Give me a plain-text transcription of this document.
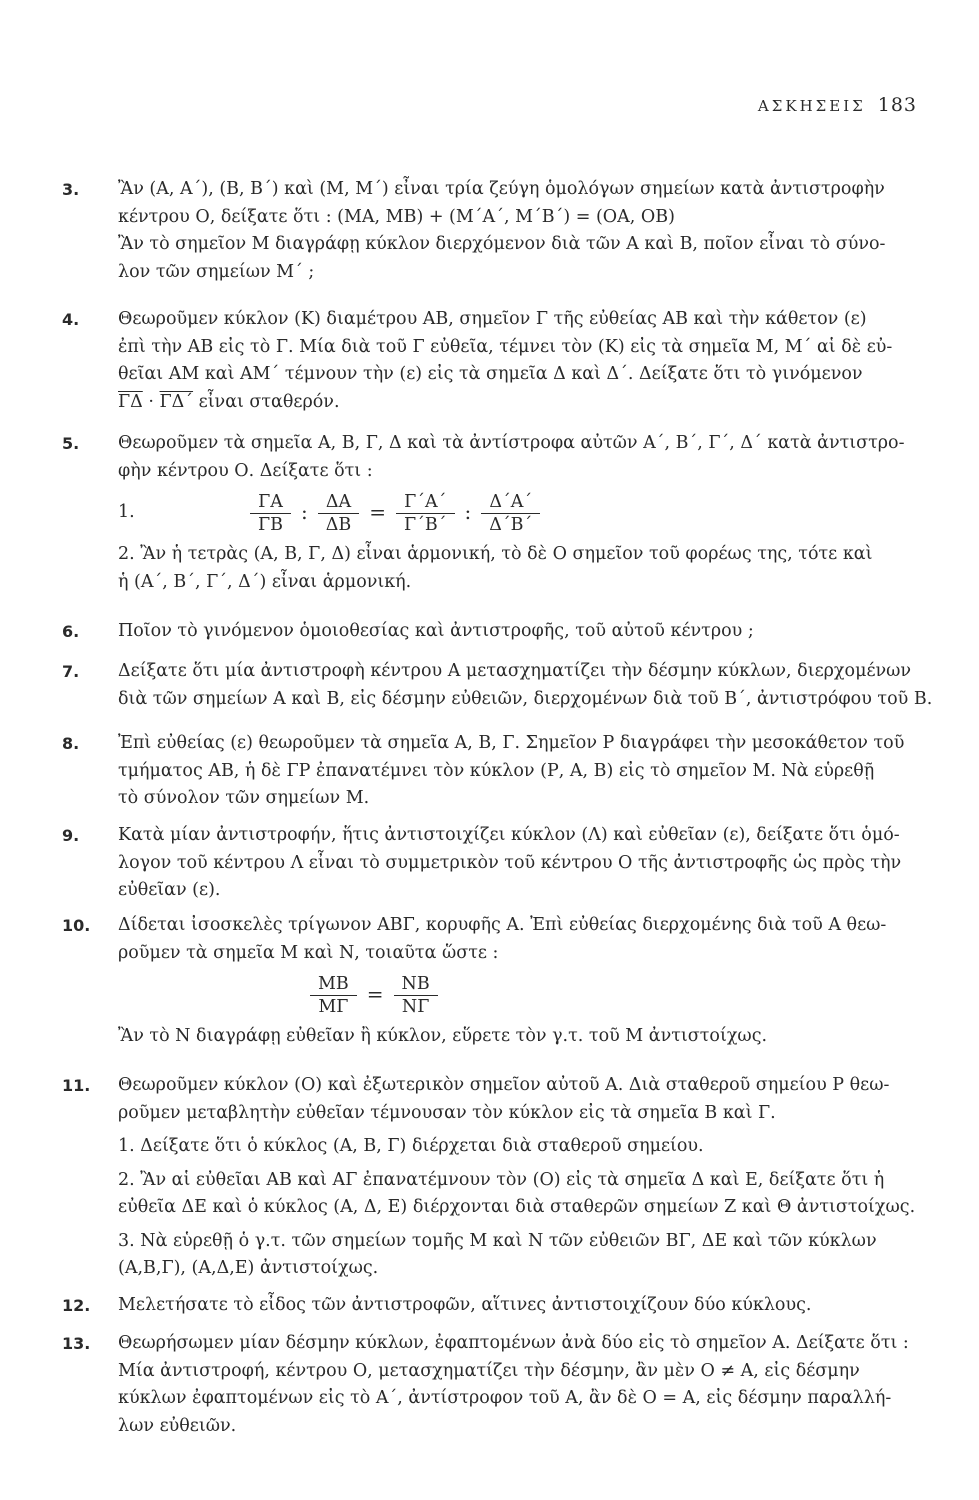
ΑΣΚΗΣΕΙΣ 183
3. Ἂν (Α, Α΄), (Β, Β΄) καὶ (Μ, Μ΄) εἶναι τρία ζεύγη ὁμολόγων σημείων κατὰ ἀντιστροφὴν
κέντρου Ο, δείξατε ὅτι : (ΜΑ, ΜΒ) + (Μ΄Α΄, Μ΄Β΄) = (ΟΑ, ΟΒ)
Ἂν τὸ σημεῖον Μ διαγράφῃ κύκλον διερχόμενον διὰ τῶν Α καὶ Β, ποῖον εἶναι τὸ σύνο-
λον τῶν σημείων Μ΄ ;
4. Θεωροῦμεν κύκλον (Κ) διαμέτρου ΑΒ, σημεῖον Γ τῆς εὐθείας ΑΒ καὶ τὴν κάθετον (ε)
ἐπὶ τὴν ΑΒ εἰς τὸ Γ. Μία διὰ τοῦ Γ εὐθεῖα, τέμνει τὸν (Κ) εἰς τὰ σημεῖα Μ, Μ΄ αἱ δὲ εὐ-
θεῖαι ΑΜ καὶ ΑΜ΄ τέμνουν τὴν (ε) εἰς τὰ σημεῖα Δ καὶ Δ΄. Δείξατε ὅτι τὸ γινόμενον
$\overline{\Gamma\Delta} \cdot \overline{\Gamma\Delta΄}$ εἶναι σταθερόν.
5. Θεωροῦμεν τὰ σημεῖα Α, Β, Γ, Δ καὶ τὰ ἀντίστροφα αὐτῶν Α΄, Β΄, Γ΄, Δ΄ κατὰ ἀντιστρο-
φὴν κέντρου Ο. Δείξατε ὅτι :
1.	$\frac{\Gamma A}{\Gamma B}$ : $\frac{\Delta A}{\Delta B} = \frac{\Gamma΄A΄}{\Gamma΄B΄}$ : $\frac{\Delta΄A΄}{\Delta΄B΄}$
2. Ἂν ἡ τετρὰς (Α, Β, Γ, Δ) εἶναι ἁρμονική, τὸ δὲ Ο σημεῖον τοῦ φορέως της, τότε καὶ
ἡ (Α΄, Β΄, Γ΄, Δ΄) εἶναι ἁρμονική.
6. Ποῖον τὸ γινόμενον ὁμοιοθεσίας καὶ ἀντιστροφῆς, τοῦ αὐτοῦ κέντρου ;
7. Δείξατε ὅτι μία ἀντιστροφὴ κέντρου Α μετασχηματίζει τὴν δέσμην κύκλων, διερχομένων
διὰ τῶν σημείων Α καὶ Β, εἰς δέσμην εὐθειῶν, διερχομένων διὰ τοῦ Β΄, ἀντιστρόφου τοῦ Β.
8. Ἐπὶ εὐθείας (ε) θεωροῦμεν τὰ σημεῖα Α, Β, Γ. Σημεῖον Ρ διαγράφει τὴν μεσοκάθετον τοῦ
τμήματος ΑΒ, ἡ δὲ ΓΡ ἐπανατέμνει τὸν κύκλον (Ρ, Α, Β) εἰς τὸ σημεῖον Μ. Νὰ εὑρεθῇ
τὸ σύνολον τῶν σημείων Μ.
9. Κατὰ μίαν ἀντιστροφήν, ἥτις ἀντιστοιχίζει κύκλον (Λ) καὶ εὐθεῖαν (ε), δείξατε ὅτι ὁμό-
λογον τοῦ κέντρου Λ εἶναι τὸ συμμετρικὸν τοῦ κέντρου Ο τῆς ἀντιστροφῆς ὡς πρὸς τὴν
εὐθεῖαν (ε).
10. Δίδεται ἰσοσκελὲς τρίγωνον ΑΒΓ, κορυφῆς Α. Ἐπὶ εὐθείας διερχομένης διὰ τοῦ Α θεω-
ροῦμεν τὰ σημεῖα Μ καὶ Ν, τοιαῦτα ὥστε :
$\frac{MB}{M\Gamma} = \frac{NB}{N\Gamma}$
Ἂν τὸ Ν διαγράφῃ εὐθεῖαν ἢ κύκλον, εὕρετε τὸν γ.τ. τοῦ Μ ἀντιστοίχως.
11. Θεωροῦμεν κύκλον (Ο) καὶ ἐξωτερικὸν σημεῖον αὐτοῦ Α. Διὰ σταθεροῦ σημείου Ρ θεω-
ροῦμεν μεταβλητὴν εὐθεῖαν τέμνουσαν τὸν κύκλον εἰς τὰ σημεῖα Β καὶ Γ.
1. Δείξατε ὅτι ὁ κύκλος (Α, Β, Γ) διέρχεται διὰ σταθεροῦ σημείου.
2. Ἂν αἱ εὐθεῖαι ΑΒ καὶ ΑΓ ἐπανατέμνουν τὸν (Ο) εἰς τὰ σημεῖα Δ καὶ Ε, δείξατε ὅτι ἡ
εὐθεῖα ΔΕ καὶ ὁ κύκλος (Α, Δ, Ε) διέρχονται διὰ σταθερῶν σημείων Ζ καὶ Θ ἀντιστοίχως.
3. Νὰ εὑρεθῇ ὁ γ.τ. τῶν σημείων τομῆς Μ καὶ Ν τῶν εὐθειῶν ΒΓ, ΔΕ καὶ τῶν κύκλων
(Α,Β,Γ), (Α,Δ,Ε) ἀντιστοίχως.
12. Μελετήσατε τὸ εἶδος τῶν ἀντιστροφῶν, αἵτινες ἀντιστοιχίζουν δύο κύκλους.
13. Θεωρήσωμεν μίαν δέσμην κύκλων, ἐφαπτομένων ἀνὰ δύο εἰς τὸ σημεῖον Α. Δείξατε ὅτι :
Μία ἀντιστροφή, κέντρου Ο, μετασχηματίζει τὴν δέσμην, ἂν μὲν Ο ≠ Α, εἰς δέσμην
κύκλων ἐφαπτομένων εἰς τὸ Α΄, ἀντίστροφον τοῦ Α, ἂν δὲ Ο = Α, εἰς δέσμην παραλλή-
λων εὐθειῶν.
